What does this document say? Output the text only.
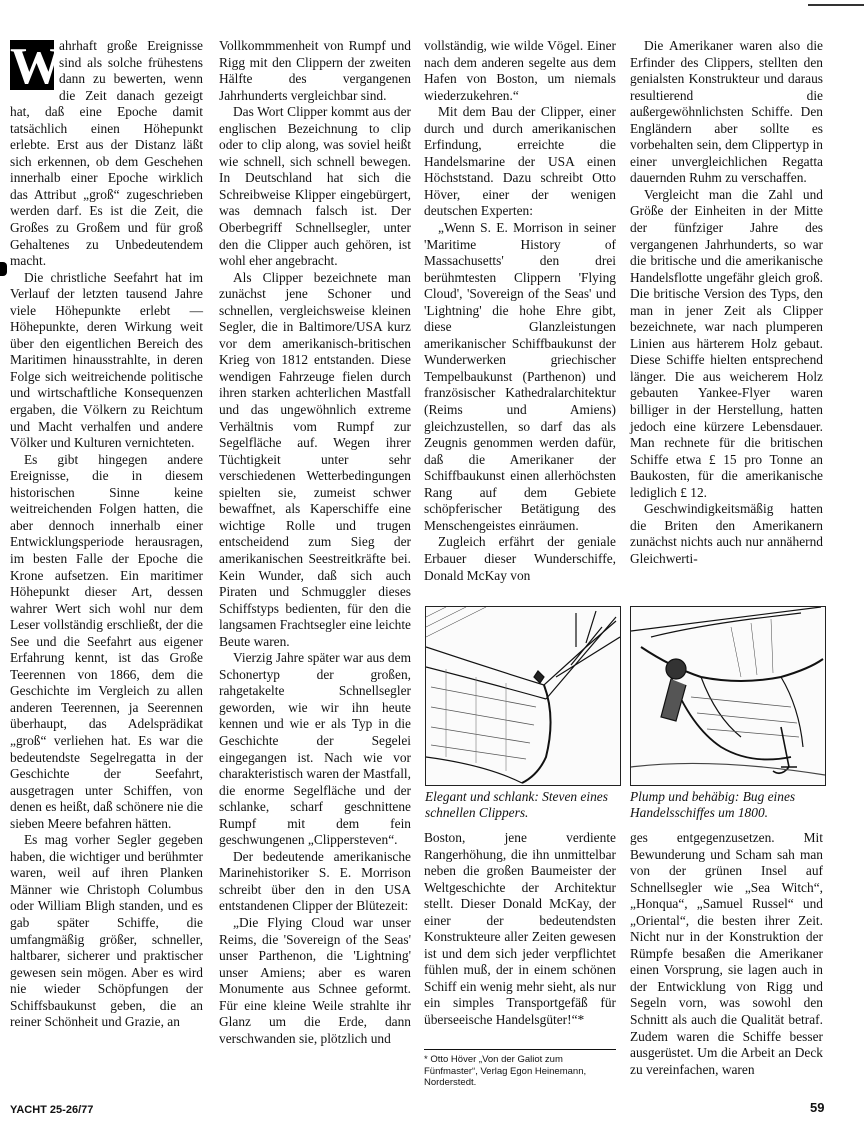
W
ahrhaft große Ereignisse sind als solche frühestens dann zu bewerten, wenn die Zeit danach gezeigt hat, daß eine Epoche damit tatsächlich einen Höhepunkt erlebte. Erst aus der Distanz läßt sich erkennen, ob dem Geschehen innerhalb einer Epoche wirklich das Attribut „groß“ zugeschrieben werden darf. Es ist die Zeit, die Großes zu Großem und für groß Gehaltenes zu Unbedeutendem macht.

Die christliche Seefahrt hat im Verlauf der letzten tausend Jahre viele Höhepunkte erlebt — Höhepunkte, deren Wirkung weit über den eigentlichen Bereich des Maritimen hinausstrahlte, in deren Folge sich weitreichende politische und wirtschaftliche Konsequenzen ergaben, die Völkern zu Reichtum und Macht verhalfen und andere Völker und Kulturen vernichteten.

Es gibt hingegen andere Ereignisse, die in diesem historischen Sinne keine weitreichenden Folgen hatten, die aber dennoch innerhalb einer Entwicklungsperiode herausragen, im besten Falle der Epoche die Krone aufsetzen. Ein maritimer Höhepunkt dieser Art, dessen wahrer Wert sich wohl nur dem Leser vollständig erschließt, der die See und die Seefahrt aus eigener Erfahrung kennt, ist das Große Teerennen von 1866, dem die Geschichte im Vergleich zu allen anderen Teerennen, ja Seerennen überhaupt, das Adelsprädikat „groß“ verliehen hat. Es war die bedeutendste Segelregatta in der Geschichte der Seefahrt, ausgetragen unter Schiffen, von denen es heißt, daß schönere nie die sieben Meere befahren hätten.

Es mag vorher Segler gegeben haben, die wichtiger und berühmter waren, weil auf ihren Planken Männer wie Christoph Columbus oder William Bligh standen, und es gab später Schiffe, die umfangmäßig größer, schneller, haltbarer, sicherer und praktischer gewesen sein mögen. Aber es wird nie wieder Schöpfungen der Schiffsbaukunst geben, die an reiner Schönheit und Grazie, an

Vollkommmenheit von Rumpf und Rigg mit den Clippern der zweiten Hälfte des vergangenen Jahrhunderts vergleichbar sind.

Das Wort Clipper kommt aus der englischen Bezeichnung to clip oder to clip along, was soviel heißt wie schnell, sich schnell bewegen. In Deutschland hat sich die Schreibweise Klipper eingebürgert, was demnach falsch ist. Der Oberbegriff Schnellsegler, unter den die Clipper auch gehören, ist wohl eher angebracht.

Als Clipper bezeichnete man zunächst jene Schoner und schnellen, vergleichsweise kleinen Segler, die in Baltimore/USA kurz vor dem amerikanisch-britischen Krieg von 1812 entstanden. Diese wendigen Fahrzeuge fielen durch ihren starken achterlichen Mastfall und das ungewöhnlich extreme Verhältnis vom Rumpf zur Segelfläche auf. Wegen ihrer Tüchtigkeit unter sehr verschiedenen Wetterbedingungen spielten sie, zumeist schwer bewaffnet, als Kaperschiffe eine wichtige Rolle und trugen entscheidend zum Sieg der amerikanischen Seestreitkräfte bei. Kein Wunder, daß sich auch Piraten und Schmuggler dieses Schiffstyps bedienten, für den die langsamen Frachtsegler eine leichte Beute waren.

Vierzig Jahre später war aus dem Schonertyp der großen, rahgetakelte Schnellsegler geworden, wie wir ihn heute kennen und wie er als Typ in die Geschichte der Segelei eingegangen ist. Nach wie vor charakteristisch waren der Mastfall, die enorme Segelfläche und der schlanke, scharf geschnittene Rumpf mit dem fein geschwungenen „Clippersteven“.

Der bedeutende amerikanische Marinehistoriker S. E. Morrison schreibt über den in den USA entstandenen Clipper der Blütezeit:

„Die Flying Cloud war unser Reims, die 'Sovereign of the Seas' unser Parthenon, die 'Lightning' unser Amiens; aber es waren Monumente aus Schnee geformt. Für eine kleine Weile strahlte ihr Glanz um die Erde, dann verschwanden sie, plötzlich und

vollständig, wie wilde Vögel. Einer nach dem anderen segelte aus dem Hafen von Boston, um niemals wiederzukehren.“

Mit dem Bau der Clipper, einer durch und durch amerikanischen Erfindung, erreichte die Handelsmarine der USA einen Höchststand. Dazu schreibt Otto Höver, einer der wenigen deutschen Experten:

„Wenn S. E. Morrison in seiner 'Maritime History of Massachusetts' den drei berühmtesten Clippern 'Flying Cloud', 'Sovereign of the Seas' und 'Lightning' die hohe Ehre gibt, diese Glanzleistungen amerikanischer Schiffbaukunst der Wunderwerken griechischer Tempelbaukunst (Parthenon) und französischer Kathedralarchitektur (Reims und Amiens) gleichzustellen, so darf das als Zeugnis genommen werden dafür, daß die Amerikaner der Schiffbaukunst einen allerhöchsten Rang auf dem Gebiete schöpferischer Betätigung des Menschengeistes einräumen.

Zugleich erfährt der geniale Erbauer dieser Wunderschiffe, Donald McKay von

Die Amerikaner waren also die Erfinder des Clippers, stellten den genialsten Konstrukteur und daraus resultierend die außergewöhnlichsten Schiffe. Den Engländern aber sollte es vorbehalten sein, dem Clippertyp in einer unvergleichlichen Regatta dauernden Ruhm zu verschaffen.

Vergleicht man die Zahl und Größe der Einheiten in der Mitte der fünfziger Jahre des vergangenen Jahrhunderts, so war die britische und die amerikanische Handelsflotte ungefähr gleich groß. Die britische Version des Typs, den man in jener Zeit als Clipper bezeichnete, war nach plumperen Linien aus härterem Holz gebaut. Diese Schiffe hielten entsprechend länger. Die aus weicherem Holz gebauten Yankee-Flyer waren billiger in der Herstellung, hatten jedoch eine kürzere Lebensdauer. Man rechnete für die britischen Schiffe etwa £ 15 pro Tonne an Baukosten, für die amerikanische lediglich £ 12.

Geschwindigkeitsmäßig hatten die Briten den Amerikanern zunächst nichts auch nur annähernd Gleichwerti-

Elegant und schlank: Steven eines schnellen Clippers.
Plump und behäbig: Bug eines Handelsschiffes um 1800.

Boston, jene verdiente Rangerhöhung, die ihn unmittelbar neben die großen Baumeister der Weltgeschichte der Architektur stellt. Dieser Donald McKay, der einer der bedeutendsten Konstrukteure aller Zeiten gewesen ist und dem sich jeder verpflichtet fühlen muß, der in einem schönen Schiff ein wenig mehr sieht, als nur ein simples Transportgefäß für überseeische Handelsgüter!“*

ges entgegenzusetzen. Mit Bewunderung und Scham sah man von der grünen Insel auf Schnellsegler wie „Sea Witch“, „Honqua“, „Samuel Russel“ und „Oriental“, die besten ihrer Zeit. Nicht nur in der Konstruktion der Rümpfe besaßen die Amerikaner einen Vorsprung, sie lagen auch in der Entwicklung von Rigg und Segeln vorn, was sowohl den Schnitt als auch die Qualität betraf. Zudem waren die Schiffe besser ausgerüstet. Um die Arbeit an Deck zu vereinfachen, waren

* Otto Höver „Von der Galiot zum Fünfmaster“, Verlag Egon Heinemann, Norderstedt.
YACHT 25-26/77	59
